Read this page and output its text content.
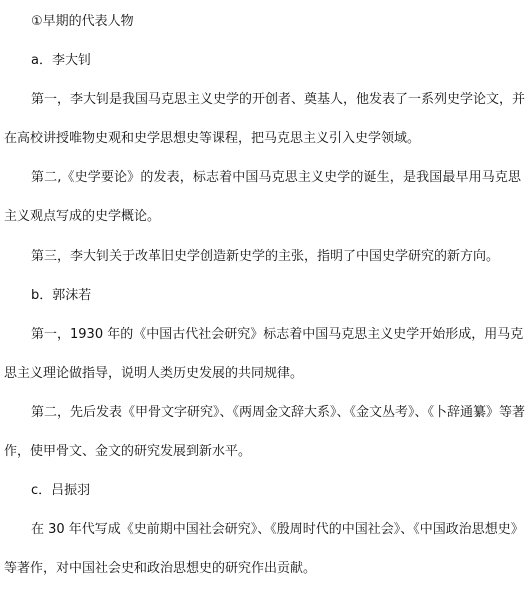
①早期的代表人物
a．李大钊
第一，李大钊是我国马克思主义史学的开创者、奠基人，他发表了一系列史学论文，并
在高校讲授唯物史观和史学思想史等课程，把马克思主义引入史学领域。
第二,《史学要论》的发表，标志着中国马克思主义史学的诞生，是我国最早用马克思
主义观点写成的史学概论。
第三，李大钊关于改革旧史学创造新史学的主张，指明了中国史学研究的新方向。
b．郭沫若
第一，1930 年的《中国古代社会研究》标志着中国马克思主义史学开始形成，用马克
思主义理论做指导，说明人类历史发展的共同规律。
第二，先后发表《甲骨文字研究》、《两周金文辞大系》、《金文丛考》、《卜辞通纂》等著
作，使甲骨文、金文的研究发展到新水平。
c．吕振羽
在 30 年代写成《史前期中国社会研究》、《殷周时代的中国社会》、《中国政治思想史》
等著作，对中国社会史和政治思想史的研究作出贡献。
